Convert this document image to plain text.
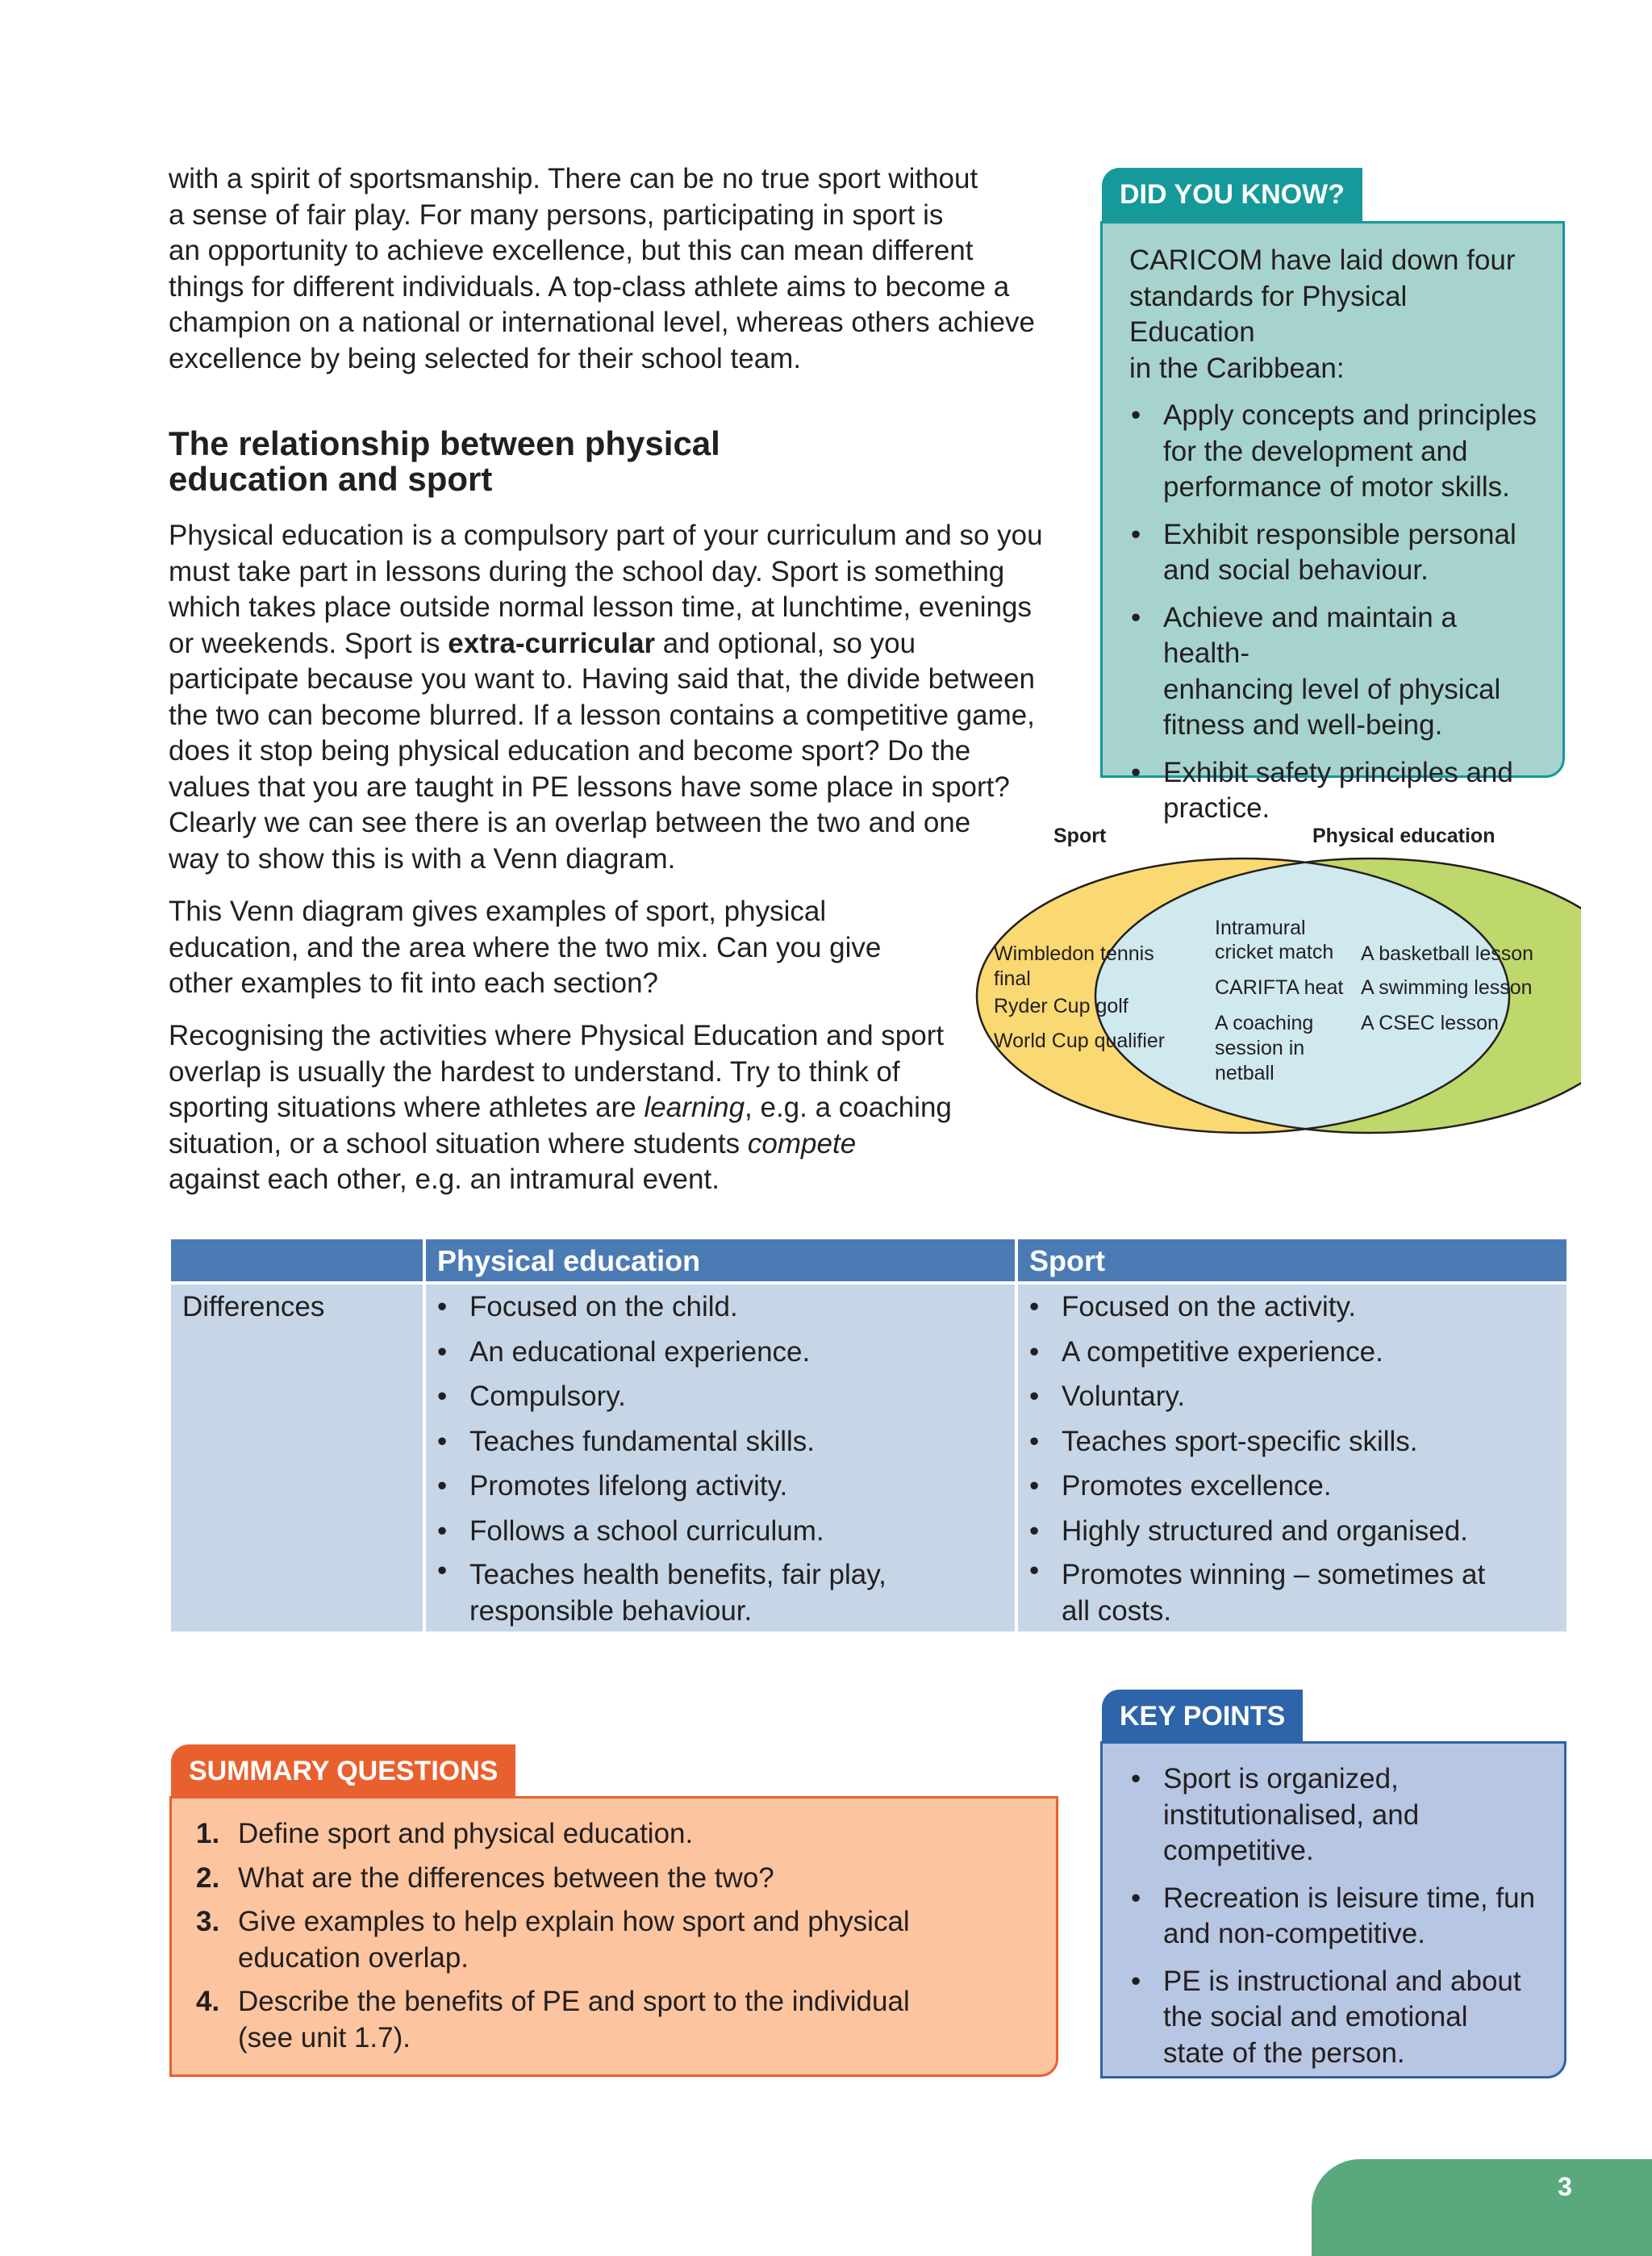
with a spirit of sportsmanship. There can be no true sport without
a sense of fair play. For many persons, participating in sport is
an opportunity to achieve excellence, but this can mean different
things for different individuals. A top-class athlete aims to become a
champion on a national or international level, whereas others achieve
excellence by being selected for their school team.
The relationship between physical
education and sport
Physical education is a compulsory part of your curriculum and so you
must take part in lessons during the school day. Sport is something
which takes place outside normal lesson time, at lunchtime, evenings
or weekends. Sport is extra-curricular and optional, so you
participate because you want to. Having said that, the divide between
the two can become blurred. If a lesson contains a competitive game,
does it stop being physical education and become sport? Do the
values that you are taught in PE lessons have some place in sport?
Clearly we can see there is an overlap between the two and one
way to show this is with a Venn diagram.
This Venn diagram gives examples of sport, physical
education, and the area where the two mix. Can you give
other examples to fit into each section?
Recognising the activities where Physical Education and sport
overlap is usually the hardest to understand. Try to think of
sporting situations where athletes are learning, e.g. a coaching
situation, or a school situation where students compete
against each other, e.g. an intramural event.
DID YOU KNOW?
CARICOM have laid down four
standards for Physical Education
in the Caribbean:
• Apply concepts and principles
for the development and
performance of motor skills.
• Exhibit responsible personal
and social behaviour.
• Achieve and maintain a health-
enhancing level of physical
fitness and well-being.
• Exhibit safety principles and
practice.
Sport	Physical education
Wimbledon tennis
final
Ryder Cup golf
World Cup qualifier
Intramural
cricket match
CARIFTA heat
A coaching
session in
netball
A basketball lesson
A swimming lesson
A CSEC lesson
Physical education	Sport
Differences
•	Focused on the child.
• An educational experience.
• Compulsory.
• Teaches fundamental skills.
• Promotes lifelong activity.
• Follows a school curriculum.
• Teaches health benefits, fair play,
responsible behaviour.
• Focused on the activity.
• A competitive experience.
• Voluntary.
• Teaches sport-specific skills.
• Promotes excellence.
• Highly structured and organised.
• Promotes winning – sometimes at
all costs.
SUMMARY QUESTIONS
1. Define sport and physical education.
2. What are the differences between the two?
3. Give examples to help explain how sport and physical
education overlap.
4. Describe the benefits of PE and sport to the individual
(see unit 1.7).
KEY POINTS
• Sport is organized,
institutionalised, and
competitive.
• Recreation is leisure time, fun
and non-competitive.
• PE is instructional and about
the social and emotional
state of the person.
3
